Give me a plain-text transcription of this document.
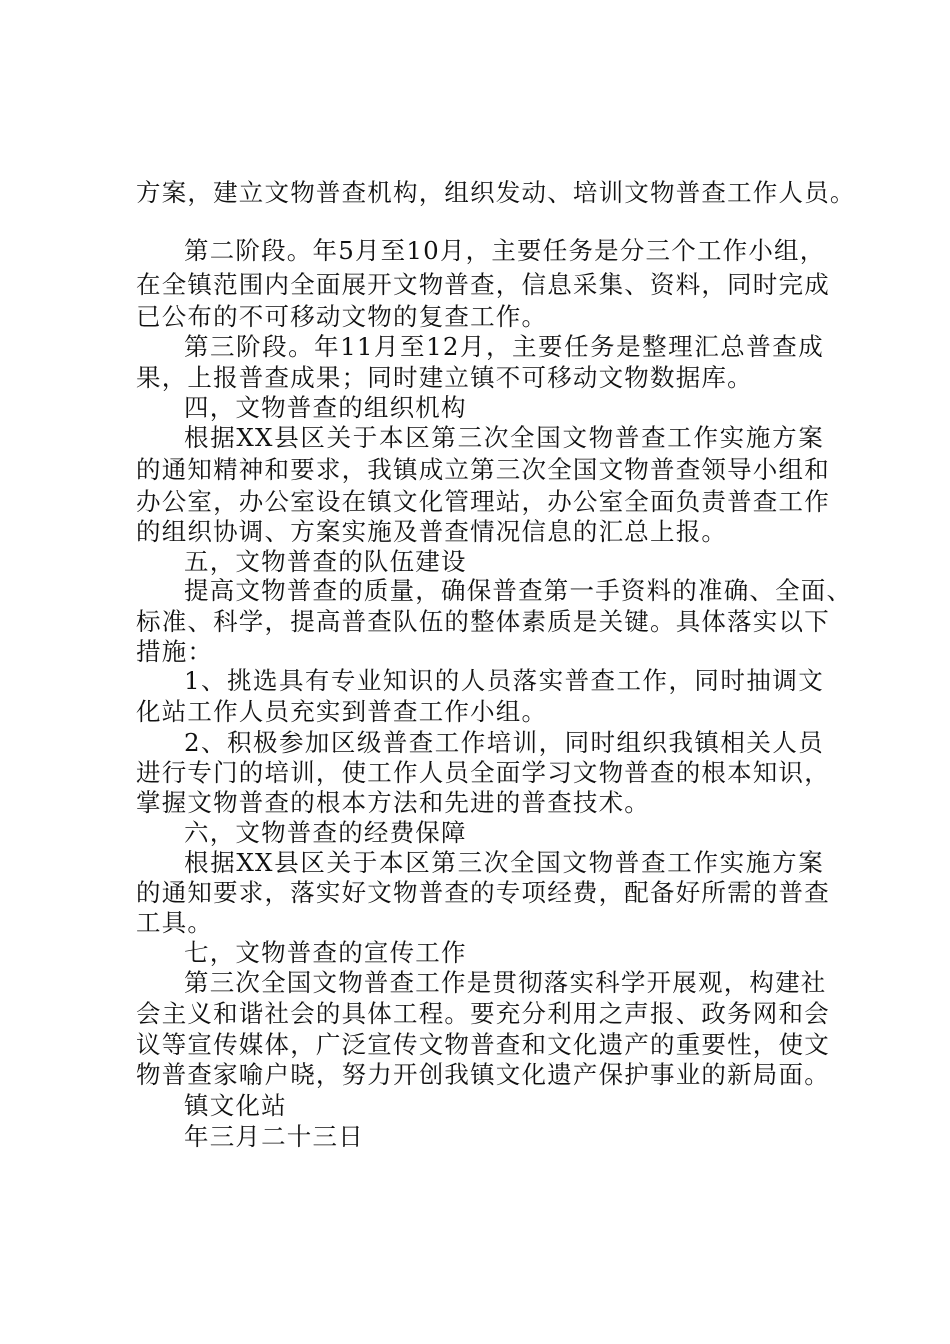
方案，建立文物普查机构，组织发动、培训文物普查工作人员。
第二阶段。年5月至10月，主要任务是分三个工作小组，
在全镇范围内全面展开文物普查，信息采集、资料，同时完成
已公布的不可移动文物的复查工作。
第三阶段。年11月至12月，主要任务是整理汇总普查成
果，上报普查成果；同时建立镇不可移动文物数据库。
四，文物普查的组织机构
根据XX县区关于本区第三次全国文物普查工作实施方案
的通知精神和要求，我镇成立第三次全国文物普查领导小组和
办公室，办公室设在镇文化管理站，办公室全面负责普查工作
的组织协调、方案实施及普查情况信息的汇总上报。
五，文物普查的队伍建设
提高文物普查的质量，确保普查第一手资料的准确、全面、
标准、科学，提高普查队伍的整体素质是关键。具体落实以下
措施：
1、挑选具有专业知识的人员落实普查工作，同时抽调文
化站工作人员充实到普查工作小组。
2、积极参加区级普查工作培训，同时组织我镇相关人员
进行专门的培训，使工作人员全面学习文物普查的根本知识，
掌握文物普查的根本方法和先进的普查技术。
六，文物普查的经费保障
根据XX县区关于本区第三次全国文物普查工作实施方案
的通知要求，落实好文物普查的专项经费，配备好所需的普查
工具。
七，文物普查的宣传工作
第三次全国文物普查工作是贯彻落实科学开展观，构建社
会主义和谐社会的具体工程。要充分利用之声报、政务网和会
议等宣传媒体，广泛宣传文物普查和文化遗产的重要性，使文
物普查家喻户晓，努力开创我镇文化遗产保护事业的新局面。
镇文化站
年三月二十三日
